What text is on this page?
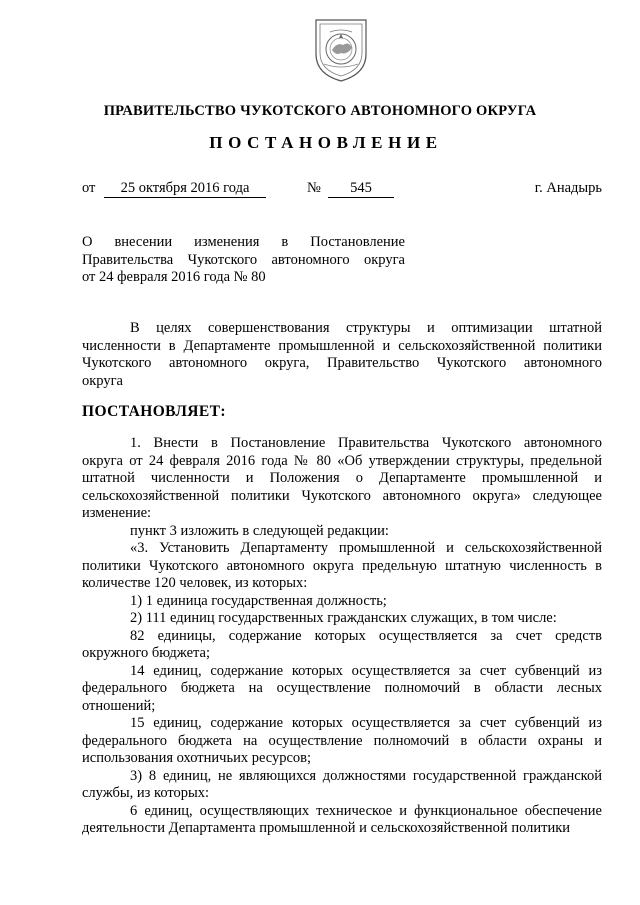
ПРАВИТЕЛЬСТВО ЧУКОТСКОГО АВТОНОМНОГО ОКРУГА
ПОСТАНОВЛЕНИЕ
от	25 октября 2016 года	№	545	г. Анадырь
О внесении изменения в Постановление
Правительства Чукотского автономного округа
от 24 февраля 2016 года № 80
В целях совершенствования структуры и оптимизации штатной
численности в Департаменте промышленной и сельскохозяйственной политики
Чукотского автономного округа, Правительство Чукотского автономного
округа
ПОСТАНОВЛЯЕТ:
1. Внести в Постановление Правительства Чукотского автономного
округа от 24 февраля 2016 года № 80 «Об утверждении структуры, предельной
штатной численности и Положения о Департаменте промышленной и
сельскохозяйственной политики Чукотского автономного округа» следующее
изменение:
пункт 3 изложить в следующей редакции:
«3. Установить Департаменту промышленной и сельскохозяйственной
политики Чукотского автономного округа предельную штатную численность в
количестве 120 человек, из которых:
1) 1 единица государственная должность;
2) 111 единиц государственных гражданских служащих, в том числе:
82 единицы, содержание которых осуществляется за счет средств
окружного бюджета;
14 единиц, содержание которых осуществляется за счет субвенций из
федерального бюджета на осуществление полномочий в области лесных
отношений;
15 единиц, содержание которых осуществляется за счет субвенций из
федерального бюджета на осуществление полномочий в области охраны и
использования охотничьих ресурсов;
3) 8 единиц, не являющихся должностями государственной гражданской
службы, из которых:
6 единиц, осуществляющих техническое и функциональное обеспечение
деятельности Департамента промышленной и сельскохозяйственной политики
